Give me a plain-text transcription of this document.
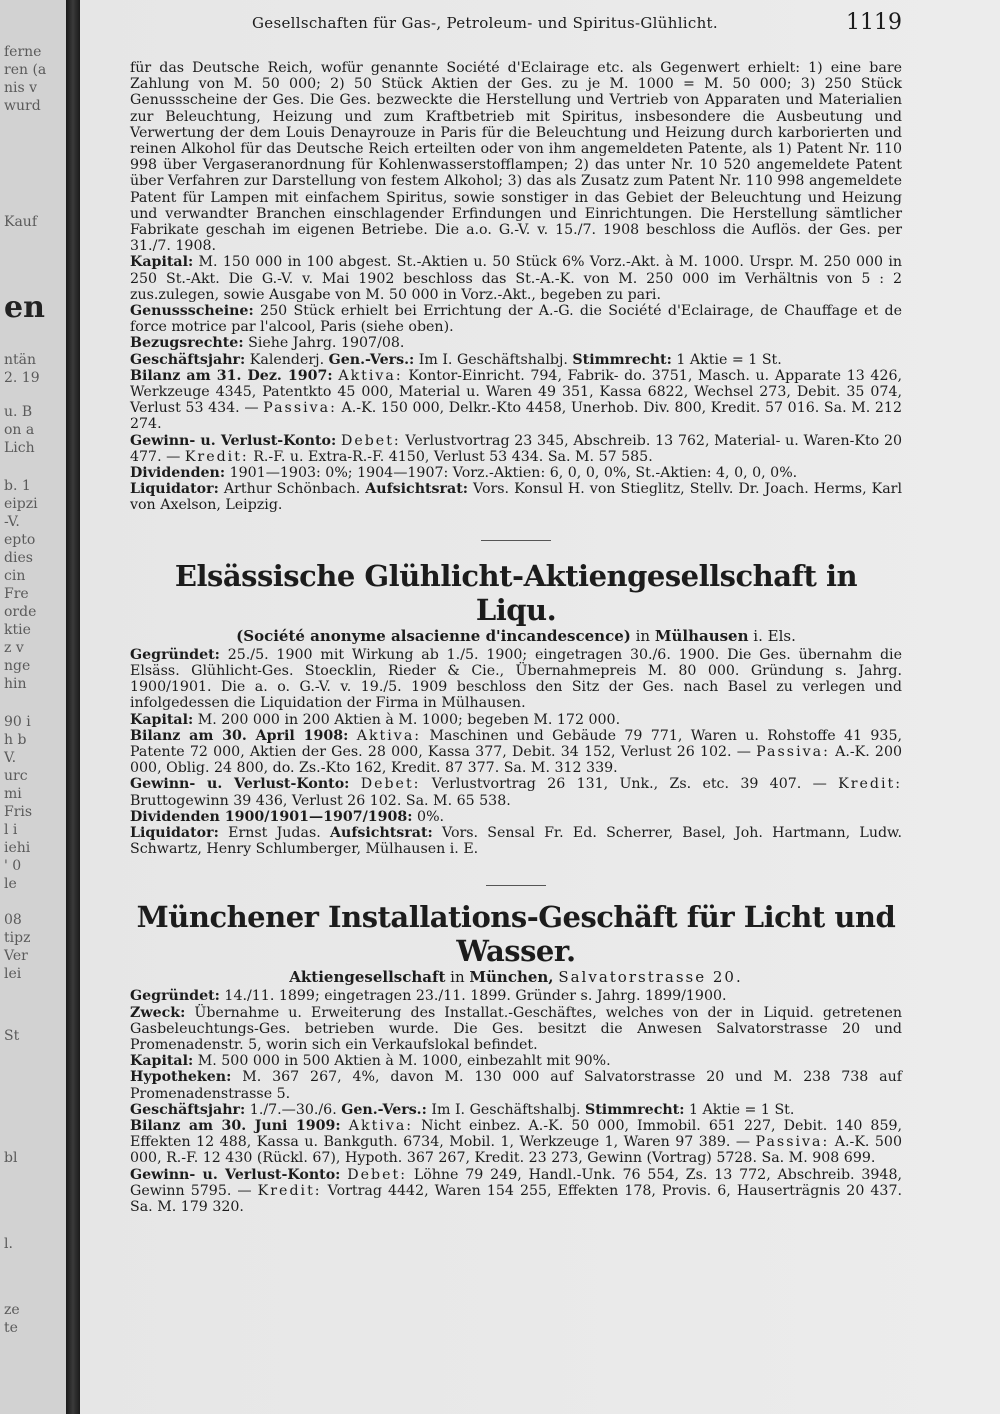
ferne
ren (a
nis v
wurd
Kauf
en
ntän
2. 19
u. B
on a
Lich
b. 1
eipzi
-V.
epto
dies
cin
Fre
orde
ktie
z v
nge
hin
90 i
h b
V.
urc
mi
Fris
l i
iehi
' 0
le
08
tipz
Ver
lei
St
bl
l.
ze
te
Gesellschaften für Gas-, Petroleum- und Spiritus-Glühlicht.	1119

für das Deutsche Reich, wofür genannte Société d'Eclairage etc. als Gegenwert erhielt: 1) eine bare Zahlung von M. 50 000; 2) 50 Stück Aktien der Ges. zu je M. 1000 = M. 50 000; 3) 250 Stück Genussscheine der Ges. Die Ges. bezweckte die Herstellung und Vertrieb von Apparaten und Materialien zur Beleuchtung, Heizung und zum Kraftbetrieb mit Spiritus, insbesondere die Ausbeutung und Verwertung der dem Louis Denayrouze in Paris für die Beleuchtung und Heizung durch karborierten und reinen Alkohol für das Deutsche Reich erteilten oder von ihm angemeldeten Patente, als 1) Patent Nr. 110 998 über Vergaseranordnung für Kohlenwasserstofflampen; 2) das unter Nr. 10 520 angemeldete Patent über Verfahren zur Darstellung von festem Alkohol; 3) das als Zusatz zum Patent Nr. 110 998 angemeldete Patent für Lampen mit einfachem Spiritus, sowie sonstiger in das Gebiet der Beleuchtung und Heizung und verwandter Branchen einschlagender Erfindungen und Einrichtungen. Die Herstellung sämtlicher Fabrikate geschah im eigenen Betriebe. Die a.o. G.-V. v. 15./7. 1908 beschloss die Auflös. der Ges. per 31./7. 1908.

Kapital: M. 150 000 in 100 abgest. St.-Aktien u. 50 Stück 6% Vorz.-Akt. à M. 1000. Urspr. M. 250 000 in 250 St.-Akt. Die G.-V. v. Mai 1902 beschloss das St.-A.-K. von M. 250 000 im Verhältnis von 5 : 2 zus.zulegen, sowie Ausgabe von M. 50 000 in Vorz.-Akt., begeben zu pari.

Genussscheine: 250 Stück erhielt bei Errichtung der A.-G. die Société d'Eclairage, de Chauffage et de force motrice par l'alcool, Paris (siehe oben).

Bezugsrechte: Siehe Jahrg. 1907/08.

Geschäftsjahr: Kalenderj. Gen.-Vers.: Im I. Geschäftshalbj. Stimmrecht: 1 Aktie = 1 St.

Bilanz am 31. Dez. 1907: Aktiva: Kontor-Einricht. 794, Fabrik- do. 3751, Masch. u. Apparate 13 426, Werkzeuge 4345, Patentkto 45 000, Material u. Waren 49 351, Kassa 6822, Wechsel 273, Debit. 35 074, Verlust 53 434. — Passiva: A.-K. 150 000, Delkr.-Kto 4458, Unerhob. Div. 800, Kredit. 57 016. Sa. M. 212 274.

Gewinn- u. Verlust-Konto: Debet: Verlustvortrag 23 345, Abschreib. 13 762, Material- u. Waren-Kto 20 477. — Kredit: R.-F. u. Extra-R.-F. 4150, Verlust 53 434. Sa. M. 57 585.

Dividenden: 1901—1903: 0%; 1904—1907: Vorz.-Aktien: 6, 0, 0, 0%, St.-Aktien: 4, 0, 0, 0%.

Liquidator: Arthur Schönbach. Aufsichtsrat: Vors. Konsul H. von Stieglitz, Stellv. Dr. Joach. Herms, Karl von Axelson, Leipzig.

Elsässische Glühlicht-Aktiengesellschaft in Liqu.
(Société anonyme alsacienne d'incandescence) in Mülhausen i. Els.

Gegründet: 25./5. 1900 mit Wirkung ab 1./5. 1900; eingetragen 30./6. 1900. Die Ges. übernahm die Elsäss. Glühlicht-Ges. Stoecklin, Rieder & Cie., Übernahmepreis M. 80 000. Gründung s. Jahrg. 1900/1901. Die a. o. G.-V. v. 19./5. 1909 beschloss den Sitz der Ges. nach Basel zu verlegen und infolgedessen die Liquidation der Firma in Mülhausen.

Kapital: M. 200 000 in 200 Aktien à M. 1000; begeben M. 172 000.

Bilanz am 30. April 1908: Aktiva: Maschinen und Gebäude 79 771, Waren u. Rohstoffe 41 935, Patente 72 000, Aktien der Ges. 28 000, Kassa 377, Debit. 34 152, Verlust 26 102. — Passiva: A.-K. 200 000, Oblig. 24 800, do. Zs.-Kto 162, Kredit. 87 377. Sa. M. 312 339.

Gewinn- u. Verlust-Konto: Debet: Verlustvortrag 26 131, Unk., Zs. etc. 39 407. — Kredit: Bruttogewinn 39 436, Verlust 26 102. Sa. M. 65 538.

Dividenden 1900/1901—1907/1908: 0%.

Liquidator: Ernst Judas. Aufsichtsrat: Vors. Sensal Fr. Ed. Scherrer, Basel, Joh. Hartmann, Ludw. Schwartz, Henry Schlumberger, Mülhausen i. E.

Münchener Installations-Geschäft für Licht und Wasser.
Aktiengesellschaft in München, Salvatorstrasse 20.

Gegründet: 14./11. 1899; eingetragen 23./11. 1899. Gründer s. Jahrg. 1899/1900.

Zweck: Übernahme u. Erweiterung des Installat.-Geschäftes, welches von der in Liquid. getretenen Gasbeleuchtungs-Ges. betrieben wurde. Die Ges. besitzt die Anwesen Salvatorstrasse 20 und Promenadenstr. 5, worin sich ein Verkaufslokal befindet.

Kapital: M. 500 000 in 500 Aktien à M. 1000, einbezahlt mit 90%.

Hypotheken: M. 367 267, 4%, davon M. 130 000 auf Salvatorstrasse 20 und M. 238 738 auf Promenadenstrasse 5.

Geschäftsjahr: 1./7.—30./6. Gen.-Vers.: Im I. Geschäftshalbj. Stimmrecht: 1 Aktie = 1 St.

Bilanz am 30. Juni 1909: Aktiva: Nicht einbez. A.-K. 50 000, Immobil. 651 227, Debit. 140 859, Effekten 12 488, Kassa u. Bankguth. 6734, Mobil. 1, Werkzeuge 1, Waren 97 389. — Passiva: A.-K. 500 000, R.-F. 12 430 (Rückl. 67), Hypoth. 367 267, Kredit. 23 273, Gewinn (Vortrag) 5728. Sa. M. 908 699.

Gewinn- u. Verlust-Konto: Debet: Löhne 79 249, Handl.-Unk. 76 554, Zs. 13 772, Abschreib. 3948, Gewinn 5795. — Kredit: Vortrag 4442, Waren 154 255, Effekten 178, Provis. 6, Hauserträgnis 20 437. Sa. M. 179 320.
